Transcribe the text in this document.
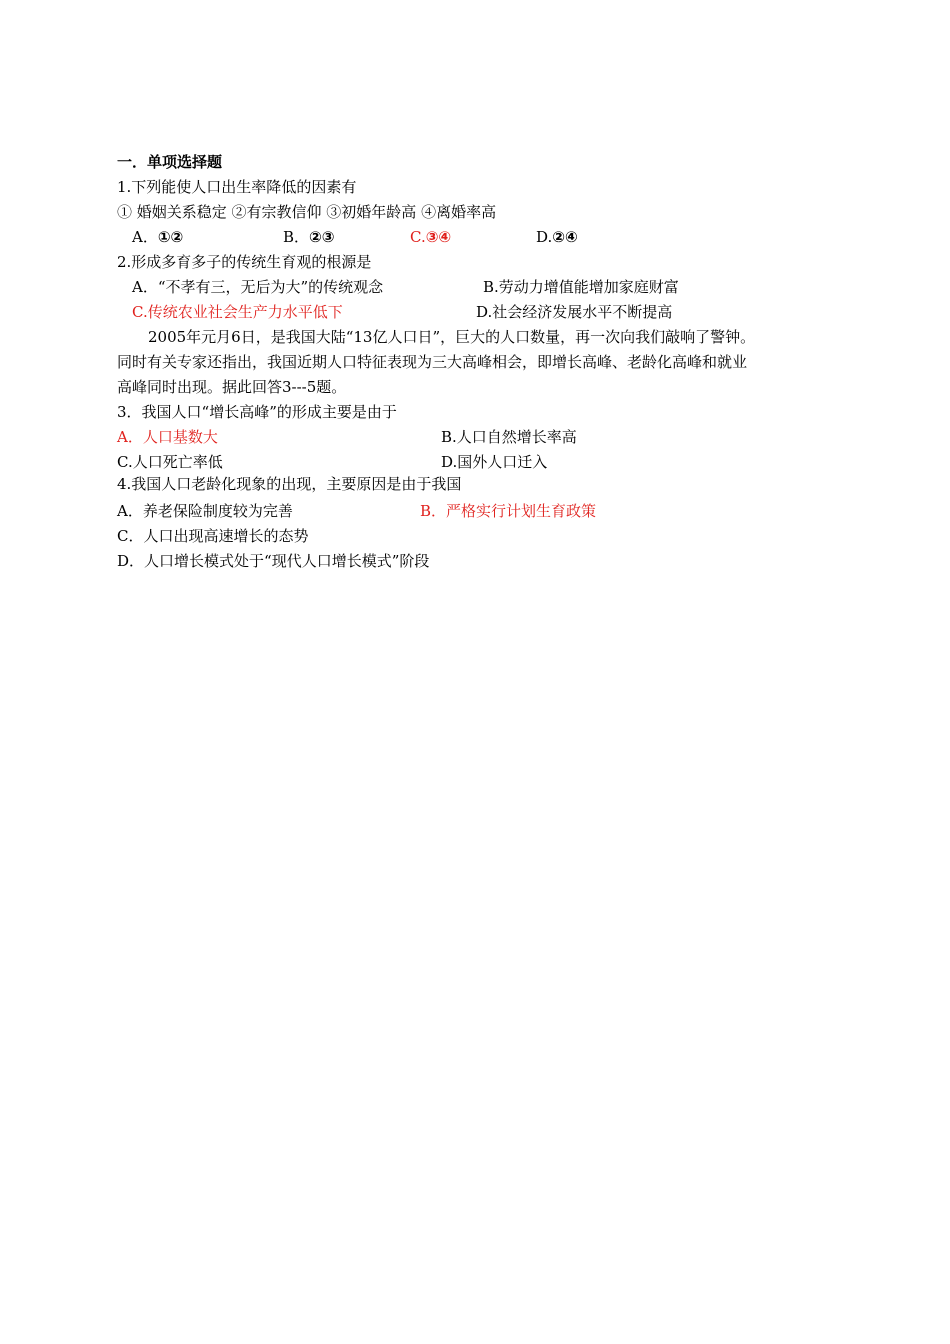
一．单项选择题
1.下列能使人口出生率降低的因素有
① 婚姻关系稳定 ②有宗教信仰 ③初婚年龄高 ④离婚率高
A．①②	B．②③	C.③④	D.②④
2.形成多育多子的传统生育观的根源是
A．“不孝有三，无后为大”的传统观念	B.劳动力增值能增加家庭财富
C.传统农业社会生产力水平低下	D.社会经济发展水平不断提高
2005年元月6日，是我国大陆“13亿人口日”，巨大的人口数量，再一次向我们敲响了警钟。
同时有关专家还指出，我国近期人口特征表现为三大高峰相会，即增长高峰、老龄化高峰和就业
高峰同时出现。据此回答3---5题。
3．我国人口“增长高峰”的形成主要是由于
A．人口基数大	B.人口自然增长率高
C.人口死亡率低	D.国外人口迁入
4.我国人口老龄化现象的出现，主要原因是由于我国
A．养老保险制度较为完善	B．严格实行计划生育政策
C．人口出现高速增长的态势
D．人口增长模式处于“现代人口增长模式”阶段
